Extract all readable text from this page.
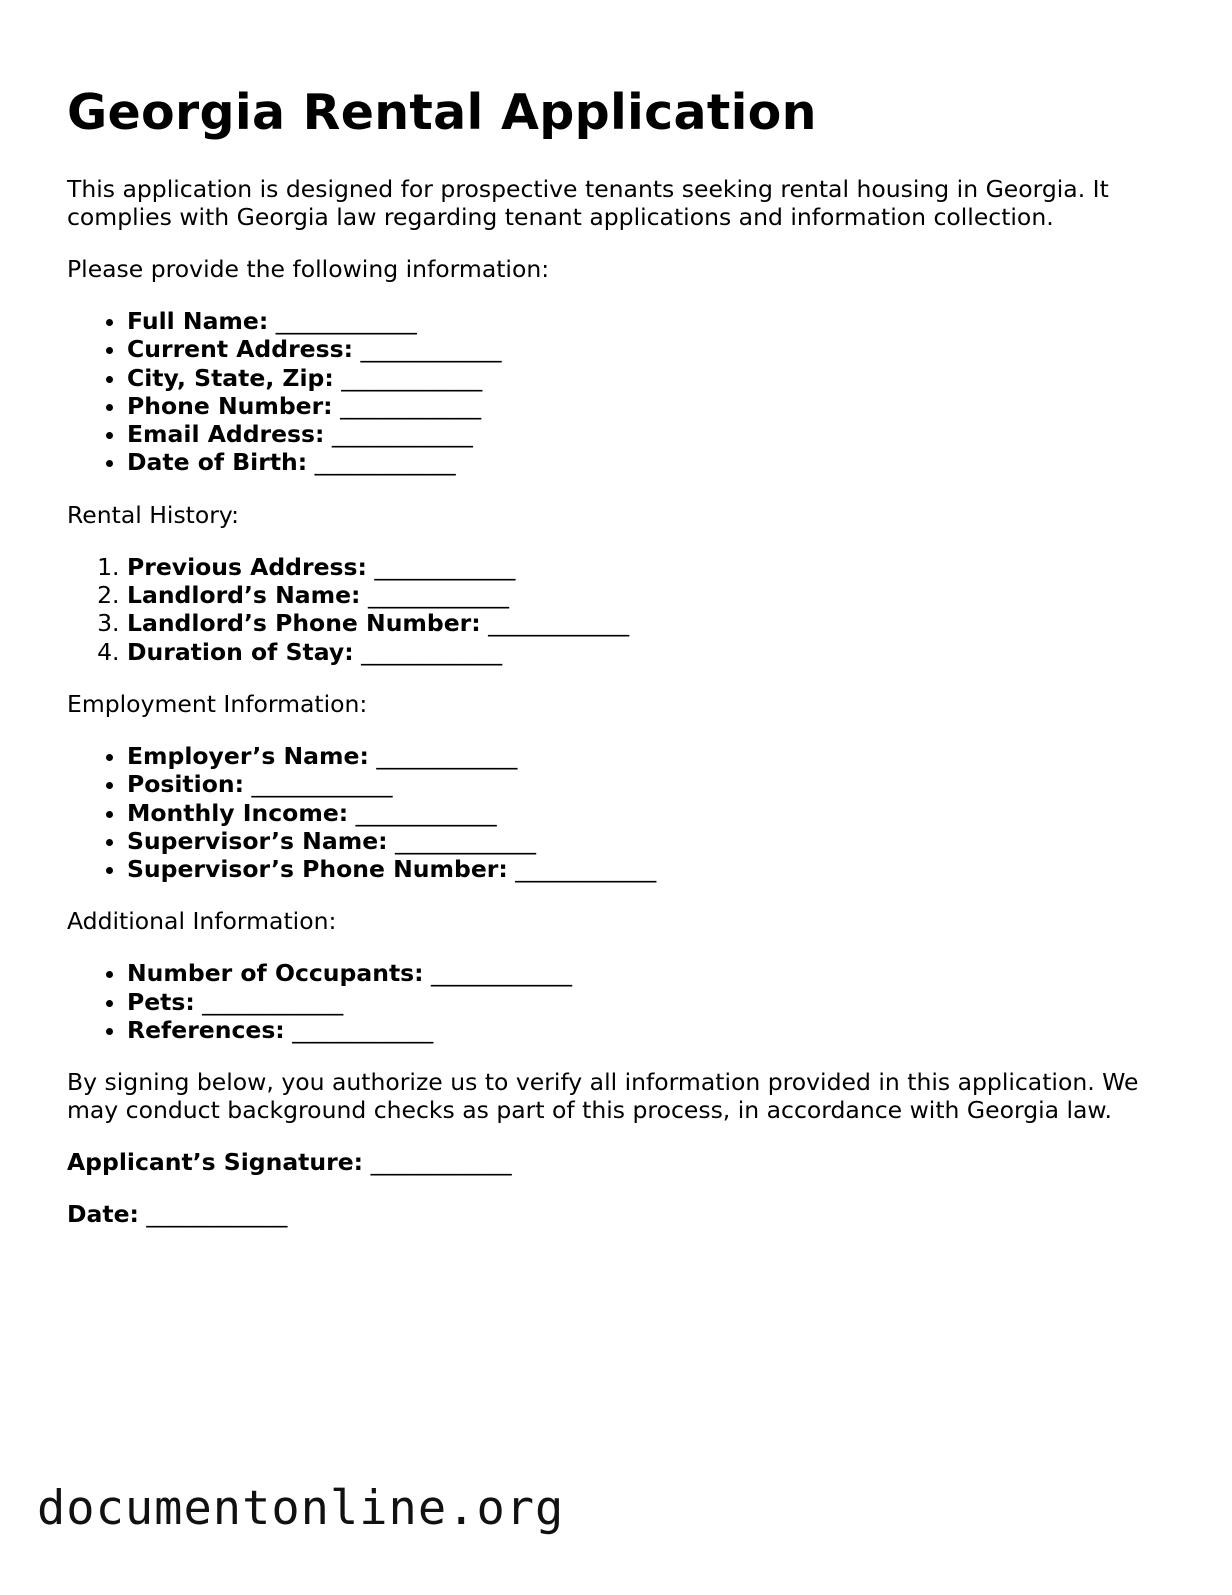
Georgia Rental Application

This application is designed for prospective tenants seeking rental housing in Georgia. It complies with Georgia law regarding tenant applications and information collection.

Please provide the following information:

• Full Name: ____________
• Current Address: ____________
• City, State, Zip: ____________
• Phone Number: ____________
• Email Address: ____________
• Date of Birth: ____________

Rental History:

1. Previous Address: ____________
2. Landlord’s Name: ____________
3. Landlord’s Phone Number: ____________
4. Duration of Stay: ____________

Employment Information:

• Employer’s Name: ____________
• Position: ____________
• Monthly Income: ____________
• Supervisor’s Name: ____________
• Supervisor’s Phone Number: ____________

Additional Information:

• Number of Occupants: ____________
• Pets: ____________
• References: ____________

By signing below, you authorize us to verify all information provided in this application. We may conduct background checks as part of this process, in accordance with Georgia law.

Applicant’s Signature: ____________

Date: ____________

documentonline.org
